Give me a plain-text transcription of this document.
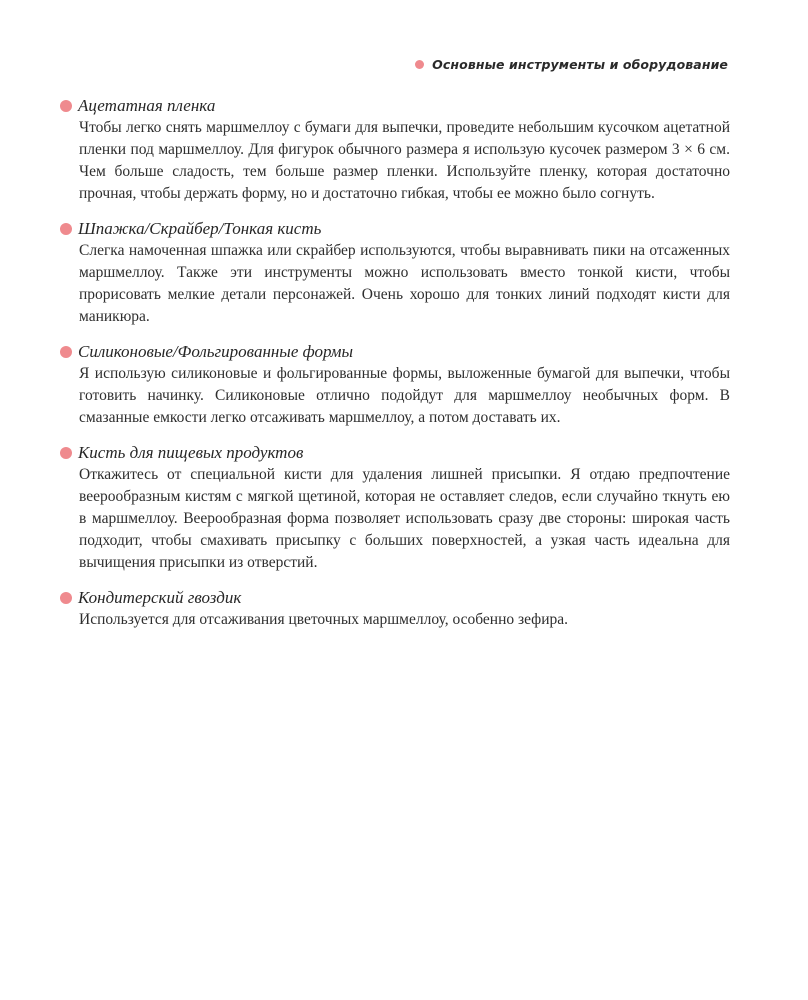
Основные инструменты и оборудование
Ацетатная пленка
Чтобы легко снять маршмеллоу с бумаги для выпечки, проведите небольшим кусочком ацетатной пленки под маршмеллоу. Для фигурок обычного размера я использую кусочек размером 3 × 6 см. Чем больше сладость, тем больше размер пленки. Используйте пленку, которая достаточно прочная, чтобы держать форму, но и достаточно гибкая, чтобы ее можно было согнуть.
Шпажка/Скрайбер/Тонкая кисть
Слегка намоченная шпажка или скрайбер используются, чтобы выравнивать пики на отсаженных маршмеллоу. Также эти инструменты можно использовать вместо тонкой кисти, чтобы прорисовать мелкие детали персонажей. Очень хорошо для тонких линий подходят кисти для маникюра.
Силиконовые/Фольгированные формы
Я использую силиконовые и фольгированные формы, выложенные бумагой для выпечки, чтобы готовить начинку. Силиконовые отлично подойдут для маршмеллоу необычных форм. В смазанные емкости легко отсаживать маршмеллоу, а потом доставать их.
Кисть для пищевых продуктов
Откажитесь от специальной кисти для удаления лишней присыпки. Я отдаю предпочтение веерообразным кистям с мягкой щетиной, которая не оставляет следов, если случайно ткнуть ею в маршмеллоу. Веерообразная форма позволяет использовать сразу две стороны: широкая часть подходит, чтобы смахивать присыпку с больших поверхностей, а узкая часть идеальна для вычищения присыпки из отверстий.
Кондитерский гвоздик
Используется для отсаживания цветочных маршмеллоу, особенно зефира.
